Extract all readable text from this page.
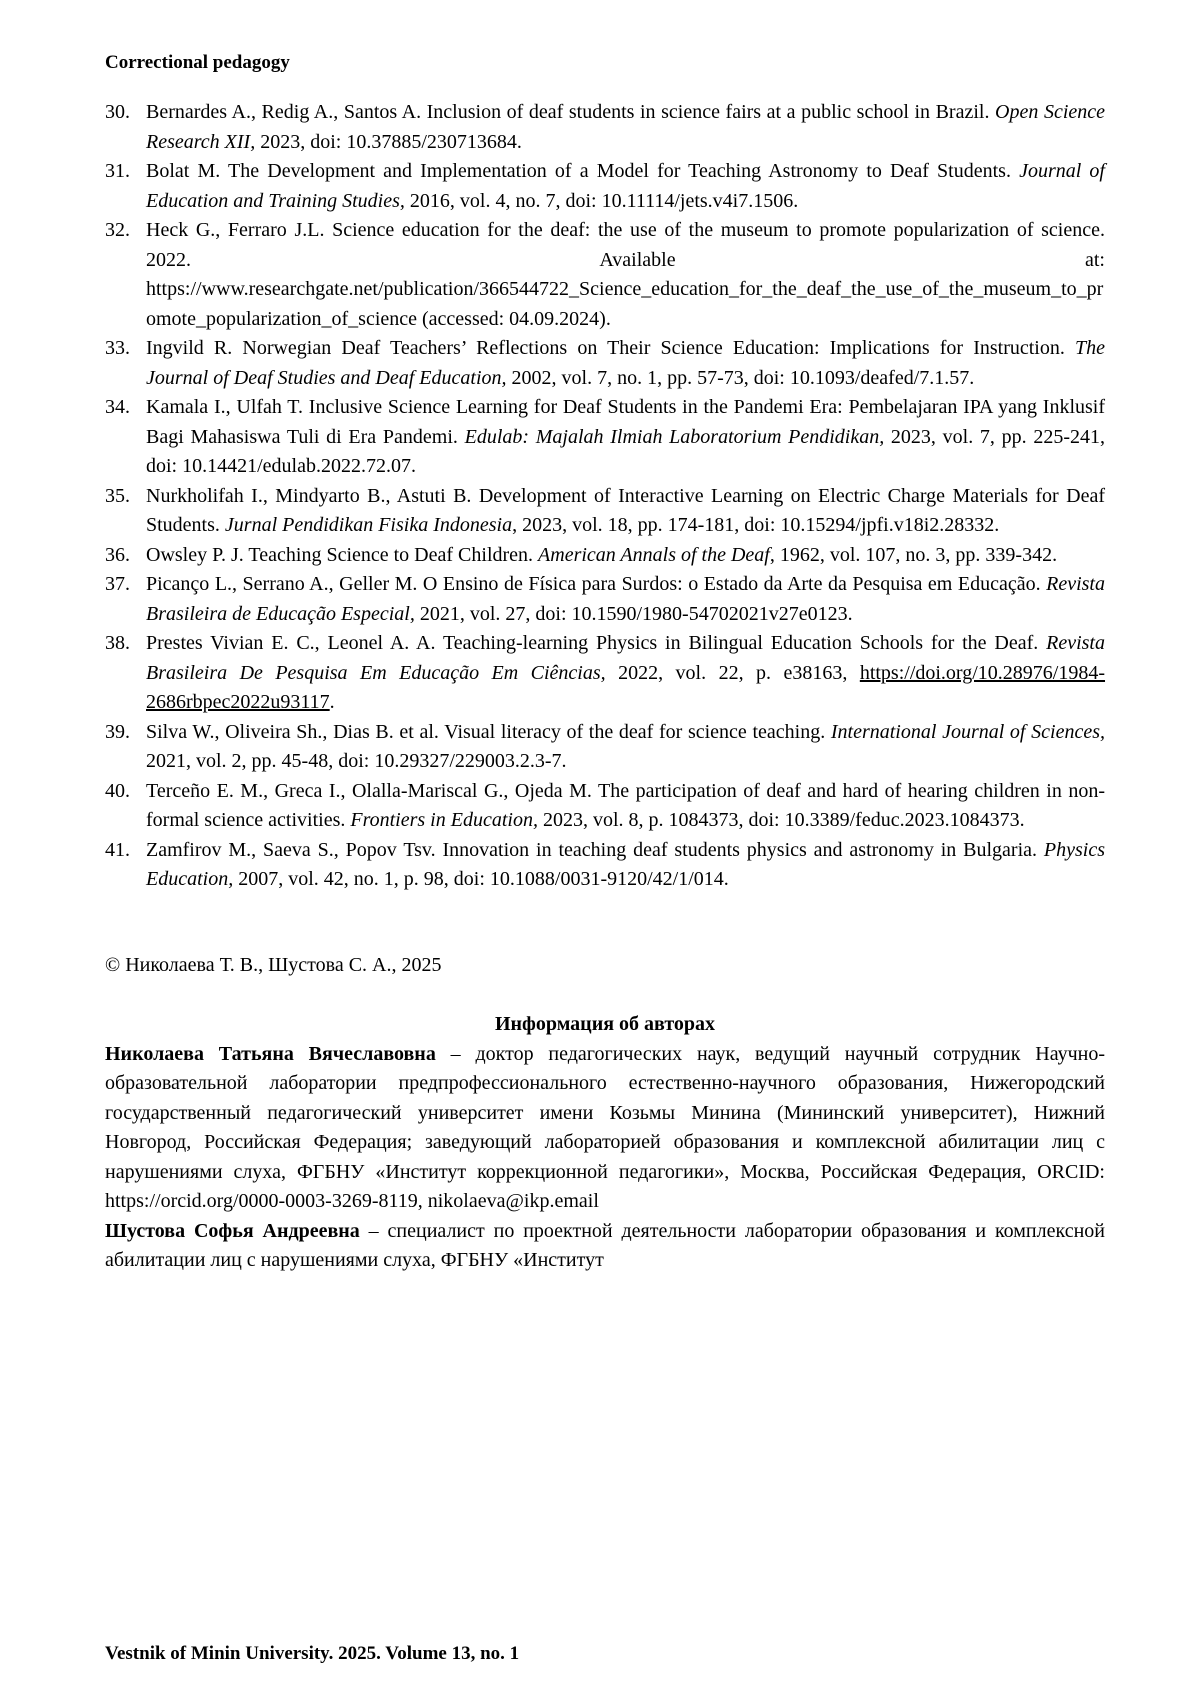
Correctional pedagogy
30. Bernardes A., Redig A., Santos A. Inclusion of deaf students in science fairs at a public school in Brazil. Open Science Research XII, 2023, doi: 10.37885/230713684.
31. Bolat M. The Development and Implementation of a Model for Teaching Astronomy to Deaf Students. Journal of Education and Training Studies, 2016, vol. 4, no. 7, doi: 10.11114/jets.v4i7.1506.
32. Heck G., Ferraro J.L. Science education for the deaf: the use of the museum to promote popularization of science. 2022. Available at: https://www.researchgate.net/publication/366544722_Science_education_for_the_deaf_the_use_of_the_museum_to_promote_popularization_of_science (accessed: 04.09.2024).
33. Ingvild R. Norwegian Deaf Teachers’ Reflections on Their Science Education: Implications for Instruction. The Journal of Deaf Studies and Deaf Education, 2002, vol. 7, no. 1, pp. 57-73, doi: 10.1093/deafed/7.1.57.
34. Kamala I., Ulfah T. Inclusive Science Learning for Deaf Students in the Pandemi Era: Pembelajaran IPA yang Inklusif Bagi Mahasiswa Tuli di Era Pandemi. Edulab: Majalah Ilmiah Laboratorium Pendidikan, 2023, vol. 7, pp. 225-241, doi: 10.14421/edulab.2022.72.07.
35. Nurkholifah I., Mindyarto B., Astuti B. Development of Interactive Learning on Electric Charge Materials for Deaf Students. Jurnal Pendidikan Fisika Indonesia, 2023, vol. 18, pp. 174-181, doi: 10.15294/jpfi.v18i2.28332.
36. Owsley P. J. Teaching Science to Deaf Children. American Annals of the Deaf, 1962, vol. 107, no. 3, pp. 339-342.
37. Picanço L., Serrano A., Geller M. O Ensino de Física para Surdos: o Estado da Arte da Pesquisa em Educação. Revista Brasileira de Educação Especial, 2021, vol. 27, doi: 10.1590/1980-54702021v27e0123.
38. Prestes Vivian E. C., Leonel A. A. Teaching-learning Physics in Bilingual Education Schools for the Deaf. Revista Brasileira De Pesquisa Em Educação Em Ciências, 2022, vol. 22, p. e38163, https://doi.org/10.28976/1984-2686rbpec2022u93117.
39. Silva W., Oliveira Sh., Dias B. et al. Visual literacy of the deaf for science teaching. International Journal of Sciences, 2021, vol. 2, pp. 45-48, doi: 10.29327/229003.2.3-7.
40. Terceño E. M., Greca I., Olalla-Mariscal G., Ojeda M. The participation of deaf and hard of hearing children in non-formal science activities. Frontiers in Education, 2023, vol. 8, p. 1084373, doi: 10.3389/feduc.2023.1084373.
41. Zamfirov M., Saeva S., Popov Tsv. Innovation in teaching deaf students physics and astronomy in Bulgaria. Physics Education, 2007, vol. 42, no. 1, p. 98, doi: 10.1088/0031-9120/42/1/014.
© Николаева Т. В., Шустова С. А., 2025
Информация об авторах

Николаева Татьяна Вячеславовна – доктор педагогических наук, ведущий научный сотрудник Научно-образовательной лаборатории предпрофессионального естественно-научного образования, Нижегородский государственный педагогический университет имени Козьмы Минина (Мининский университет), Нижний Новгород, Российская Федерация; заведующий лабораторией образования и комплексной абилитации лиц с нарушениями слуха, ФГБНУ «Институт коррекционной педагогики», Москва, Российская Федерация, ORCID: https://orcid.org/0000-0003-3269-8119, nikolaeva@ikp.email

Шустова Софья Андреевна – специалист по проектной деятельности лаборатории образования и комплексной абилитации лиц с нарушениями слуха, ФГБНУ «Институт

Vestnik of Minin University. 2025. Volume 13, no. 1
